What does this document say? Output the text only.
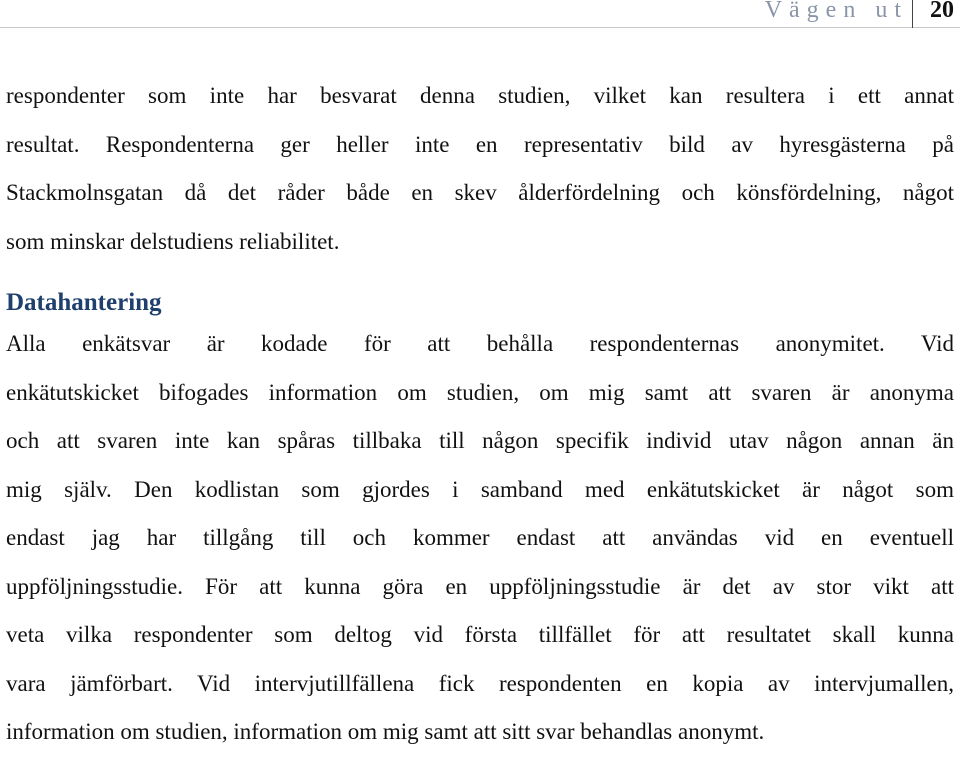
Vägen ut 20

respondenter som inte har besvarat denna studien, vilket kan resultera i ett annat
resultat. Respondenterna ger heller inte en representativ bild av hyresgästerna på
Stackmolnsgatan då det råder både en skev ålderfördelning och könsfördelning, något
som minskar delstudiens reliabilitet.

Datahantering

Alla enkätsvar är kodade för att behålla respondenternas anonymitet. Vid
enkätutskicket bifogades information om studien, om mig samt att svaren är anonyma
och att svaren inte kan spåras tillbaka till någon specifik individ utav någon annan än
mig själv. Den kodlistan som gjordes i samband med enkätutskicket är något som
endast jag har tillgång till och kommer endast att användas vid en eventuell
uppföljningsstudie. För att kunna göra en uppföljningsstudie är det av stor vikt att
veta vilka respondenter som deltog vid första tillfället för att resultatet skall kunna
vara jämförbart. Vid intervjutillfällena fick respondenten en kopia av intervjumallen,
information om studien, information om mig samt att sitt svar behandlas anonymt.
